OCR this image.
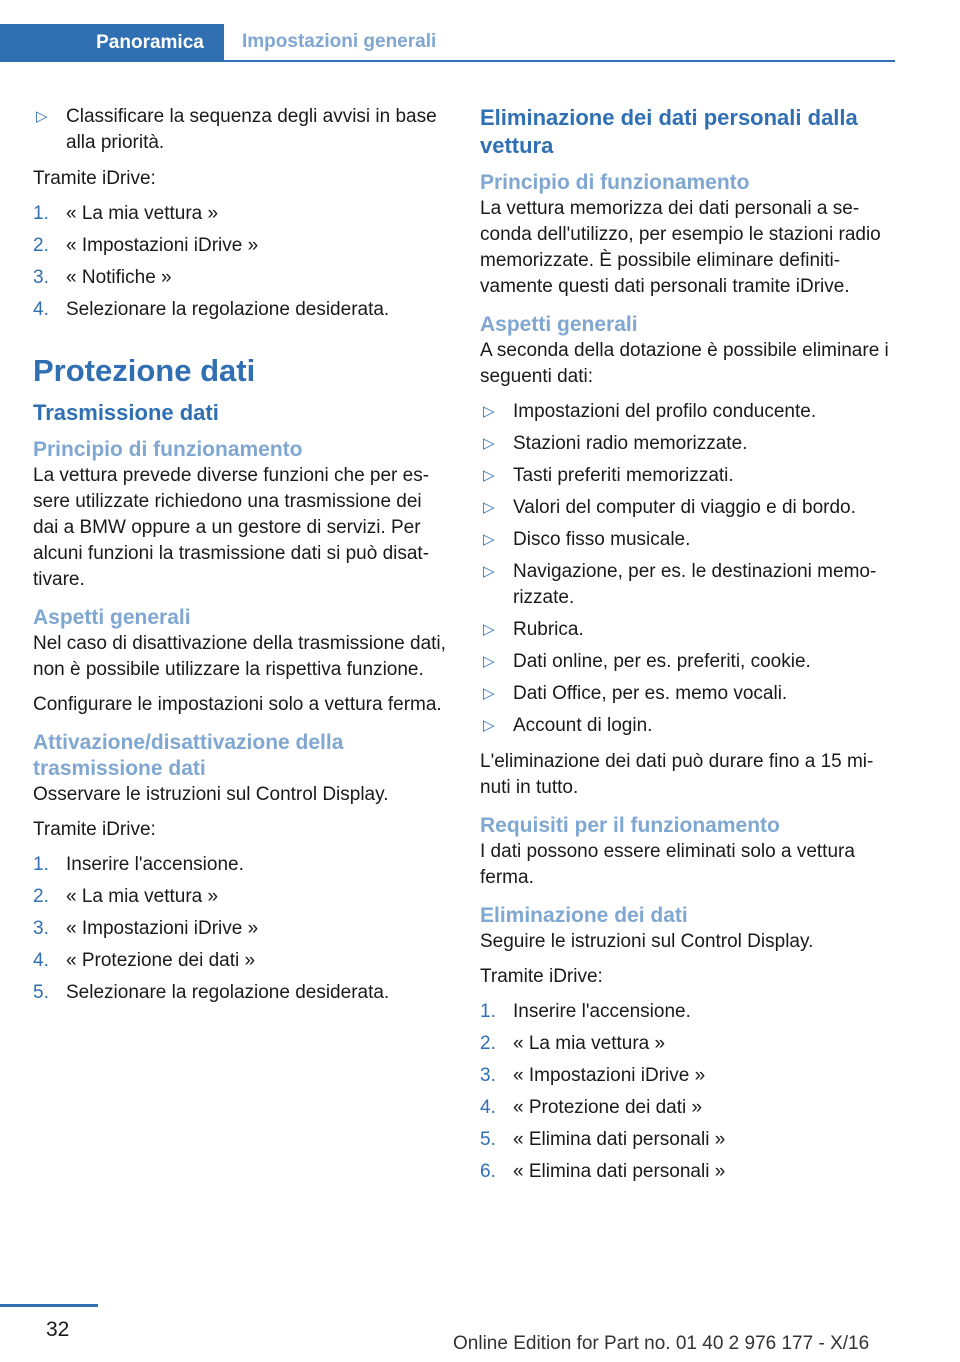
Panoramica	Impostazioni generali
▷ Classificare la sequenza degli avvisi in base alla priorità.

Tramite iDrive:

1. « La mia vettura »
2. « Impostazioni iDrive »
3. « Notifiche »
4. Selezionare la regolazione desiderata.
Protezione dati
Trasmissione dati
Principio di funzionamento

La vettura prevede diverse funzioni che per essere utilizzate richiedono una trasmissione dei dai a BMW oppure a un gestore di servizi. Per alcuni funzioni la trasmissione dati si può disattivare.

Aspetti generali

Nel caso di disattivazione della trasmissione dati, non è possibile utilizzare la rispettiva funzione.

Configurare le impostazioni solo a vettura ferma.

Attivazione/disattivazione della trasmissione dati

Osservare le istruzioni sul Control Display.

Tramite iDrive:

1. Inserire l'accensione.
2. « La mia vettura »
3. « Impostazioni iDrive »
4. « Protezione dei dati »
5. Selezionare la regolazione desiderata.
Eliminazione dei dati personali dalla vettura
Principio di funzionamento

La vettura memorizza dei dati personali a seconda dell'utilizzo, per esempio le stazioni radio memorizzate. È possibile eliminare definitivamente questi dati personali tramite iDrive.

Aspetti generali

A seconda della dotazione è possibile eliminare i seguenti dati:

▷ Impostazioni del profilo conducente.
▷ Stazioni radio memorizzate.
▷ Tasti preferiti memorizzati.
▷ Valori del computer di viaggio e di bordo.
▷ Disco fisso musicale.
▷ Navigazione, per es. le destinazioni memorizzate.
▷ Rubrica.
▷ Dati online, per es. preferiti, cookie.
▷ Dati Office, per es. memo vocali.
▷ Account di login.

L'eliminazione dei dati può durare fino a 15 minuti in tutto.

Requisiti per il funzionamento

I dati possono essere eliminati solo a vettura ferma.

Eliminazione dei dati

Seguire le istruzioni sul Control Display.

Tramite iDrive:

1. Inserire l'accensione.
2. « La mia vettura »
3. « Impostazioni iDrive »
4. « Protezione dei dati »
5. « Elimina dati personali »
6. « Elimina dati personali »
32
Online Edition for Part no. 01 40 2 976 177 - X/16
